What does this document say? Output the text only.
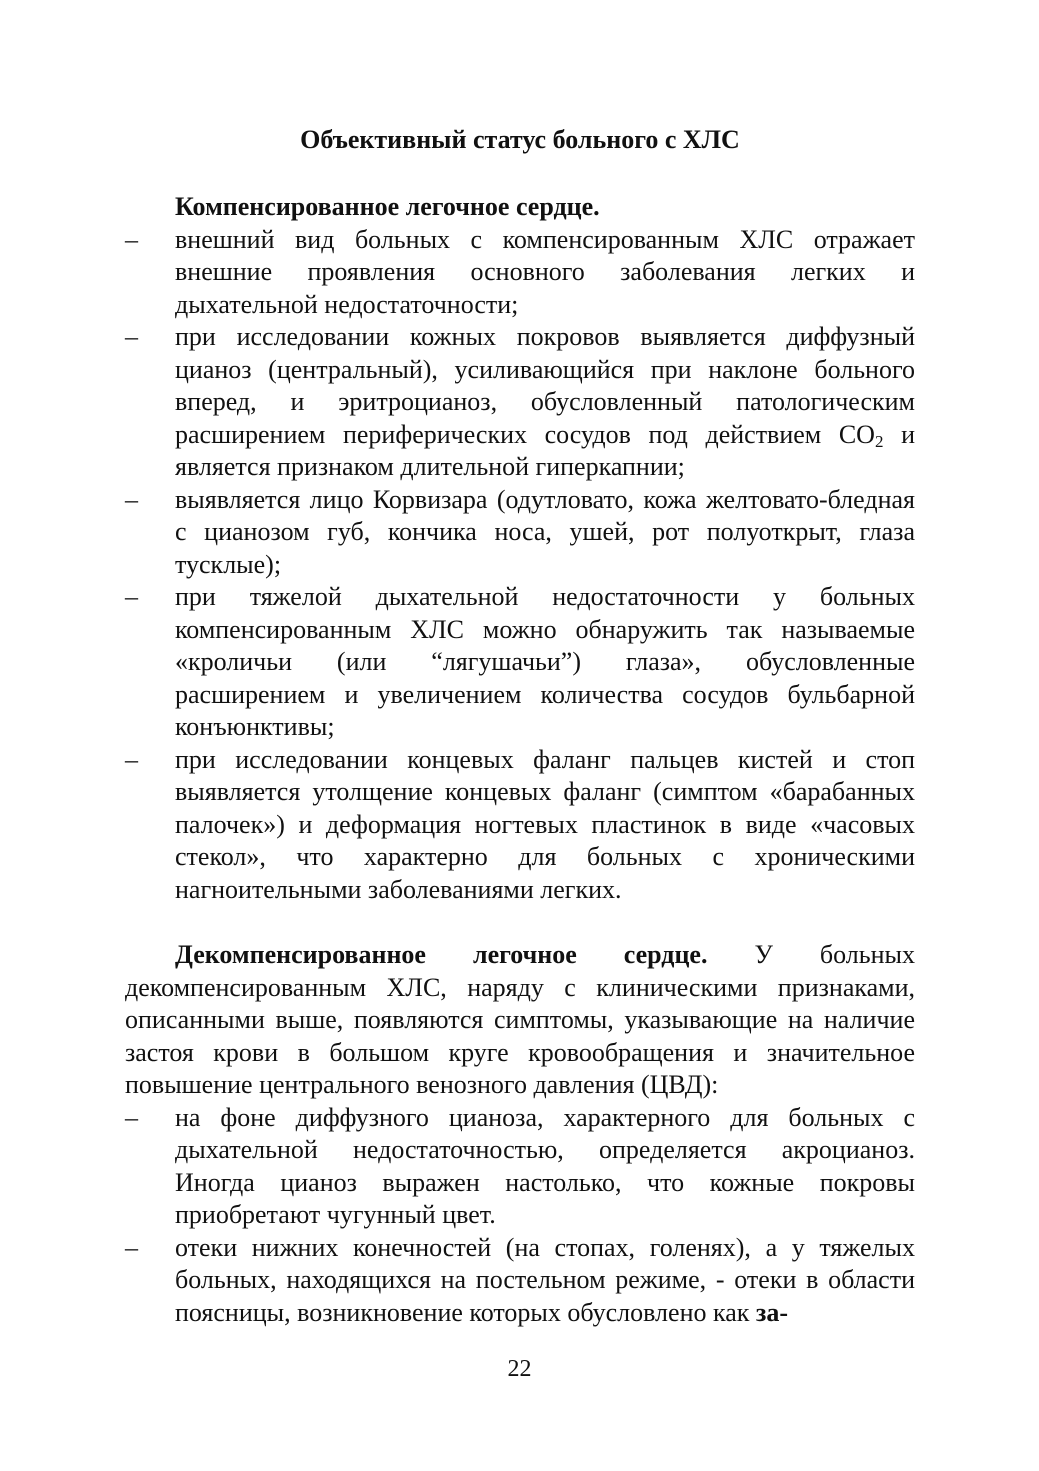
Объективный статус больного с ХЛС

Компенсированное легочное сердце.

– внешний вид больных с компенсированным ХЛС отражает внешние проявления основного заболевания легких и дыхательной недостаточности;
– при исследовании кожных покровов выявляется диффузный цианоз (центральный), усиливающийся при наклоне больного вперед, и эритроцианоз, обусловленный патологическим расширением периферических сосудов под действием $СО_2$ и является признаком длительной гиперкапнии;
– выявляется лицо Корвизара (одутловато, кожа желтовато-бледная с цианозом губ, кончика носа, ушей, рот полуоткрыт, глаза тусклые);
– при тяжелой дыхательной недостаточности у больных компенсированным ХЛС можно обнаружить так называемые «кроличьи (или “лягушачьи”) глаза», обусловленные расширением и увеличением количества сосудов бульбарной конъюнктивы;
– при исследовании концевых фаланг пальцев кистей и стоп выявляется утолщение концевых фаланг (симптом «барабанных палочек») и деформация ногтевых пластинок в виде «часовых стекол», что характерно для больных с хроническими нагноительными заболеваниями легких.

Декомпенсированное легочное сердце. У больных декомпенсированным ХЛС, наряду с клиническими признаками, описанными выше, появляются симптомы, указывающие на наличие застоя крови в большом круге кровообращения и значительное повышение центрального венозного давления (ЦВД):

– на фоне диффузного цианоза, характерного для больных с дыхательной недостаточностью, определяется акроцианоз. Иногда цианоз выражен настолько, что кожные покровы приобретают чугунный цвет.
– отеки нижних конечностей (на стопах, голенях), а у тяжелых больных, находящихся на постельном режиме, - отеки в области поясницы, возникновение которых обусловлено как за-
22
